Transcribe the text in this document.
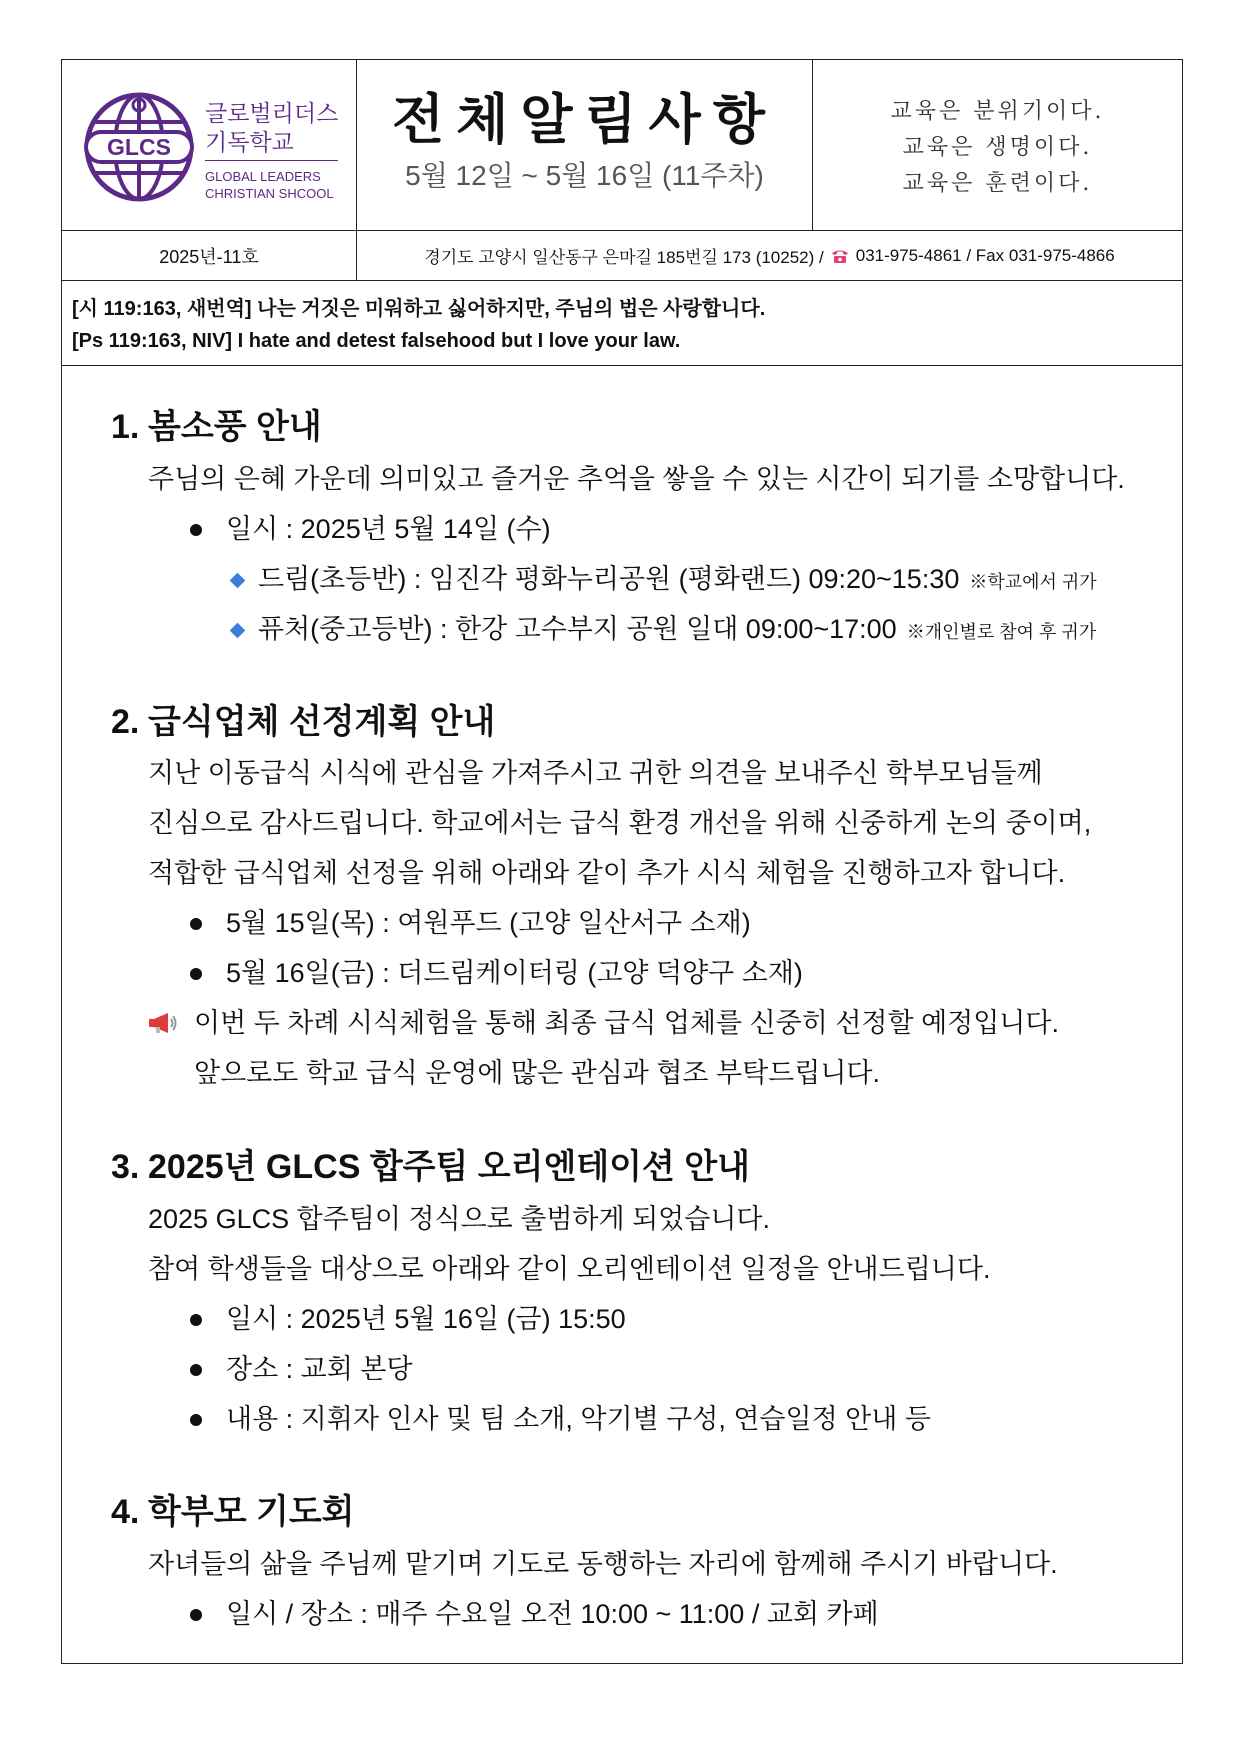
GLCS
글로벌리더스
기독학교
GLOBAL LEADERS
CHRISTIAN SHCOOL
전체알림사항
5월 12일 ~ 5월 16일 (11주차)
교육은 분위기이다.
교육은 생명이다.
교육은 훈련이다.
2025년-11호	경기도 고양시 일산동구 은마길 185번길 173 (10252) / 031-975-4861 / Fax 031-975-4866
[시 119:163, 새번역] 나는 거짓은 미워하고 싫어하지만, 주님의 법은 사랑합니다.
[Ps 119:163, NIV] I hate and detest falsehood but I love your law.
1. 봄소풍 안내
주님의 은혜 가운데 의미있고 즐거운 추억을 쌓을 수 있는 시간이 되기를 소망합니다.
일시 : 2025년 5월 14일 (수)
드림(초등반) : 임진각 평화누리공원 (평화랜드) 09:20~15:30 ※학교에서 귀가
퓨처(중고등반) : 한강 고수부지 공원 일대 09:00~17:00 ※개인별로 참여 후 귀가
2. 급식업체 선정계획 안내
지난 이동급식 시식에 관심을 가져주시고 귀한 의견을 보내주신 학부모님들께
진심으로 감사드립니다. 학교에서는 급식 환경 개선을 위해 신중하게 논의 중이며,
적합한 급식업체 선정을 위해 아래와 같이 추가 시식 체험을 진행하고자 합니다.
5월 15일(목) : 여원푸드 (고양 일산서구 소재)
5월 16일(금) : 더드림케이터링 (고양 덕양구 소재)
이번 두 차례 시식체험을 통해 최종 급식 업체를 신중히 선정할 예정입니다.
앞으로도 학교 급식 운영에 많은 관심과 협조 부탁드립니다.
3. 2025년 GLCS 합주팀 오리엔테이션 안내
2025 GLCS 합주팀이 정식으로 출범하게 되었습니다.
참여 학생들을 대상으로 아래와 같이 오리엔테이션 일정을 안내드립니다.
일시 : 2025년 5월 16일 (금) 15:50
장소 : 교회 본당
내용 : 지휘자 인사 및 팀 소개, 악기별 구성, 연습일정 안내 등
4. 학부모 기도회
자녀들의 삶을 주님께 맡기며 기도로 동행하는 자리에 함께해 주시기 바랍니다.
일시 / 장소 : 매주 수요일 오전 10:00 ~ 11:00 / 교회 카페
